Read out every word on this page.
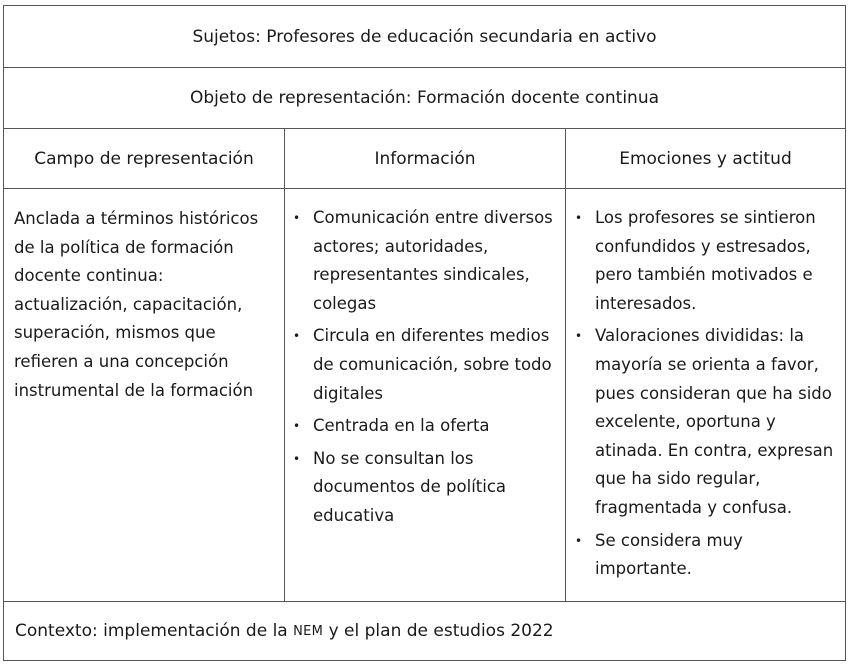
Sujetos:
Profesores de educación secundaria en activo
Objeto de representación:
Formación docente continua
Campo de representación	Información	Emociones y actitud
Anclada a términos históricos de la política de formación docente continua: actualización, capacitación, superación, mismos que refieren a una concepción instrumental de la formación
• Comunicación entre diversos actores; autoridades, representantes sindicales, colegas
• Circula en diferentes medios de comunicación, sobre todo digitales
• Centrada en la oferta
• No se consultan los documentos de política educativa
• Los profesores se sintieron confundidos y estresados, pero también motivados e interesados.
• Valoraciones divididas: la mayoría se orienta a favor, pues consideran que ha sido excelente, oportuna y atinada. En contra, expresan que ha sido regular, fragmentada y confusa.
• Se considera muy importante.
Contexto:
implementación de la
NEM
y el plan de estudios 2022
